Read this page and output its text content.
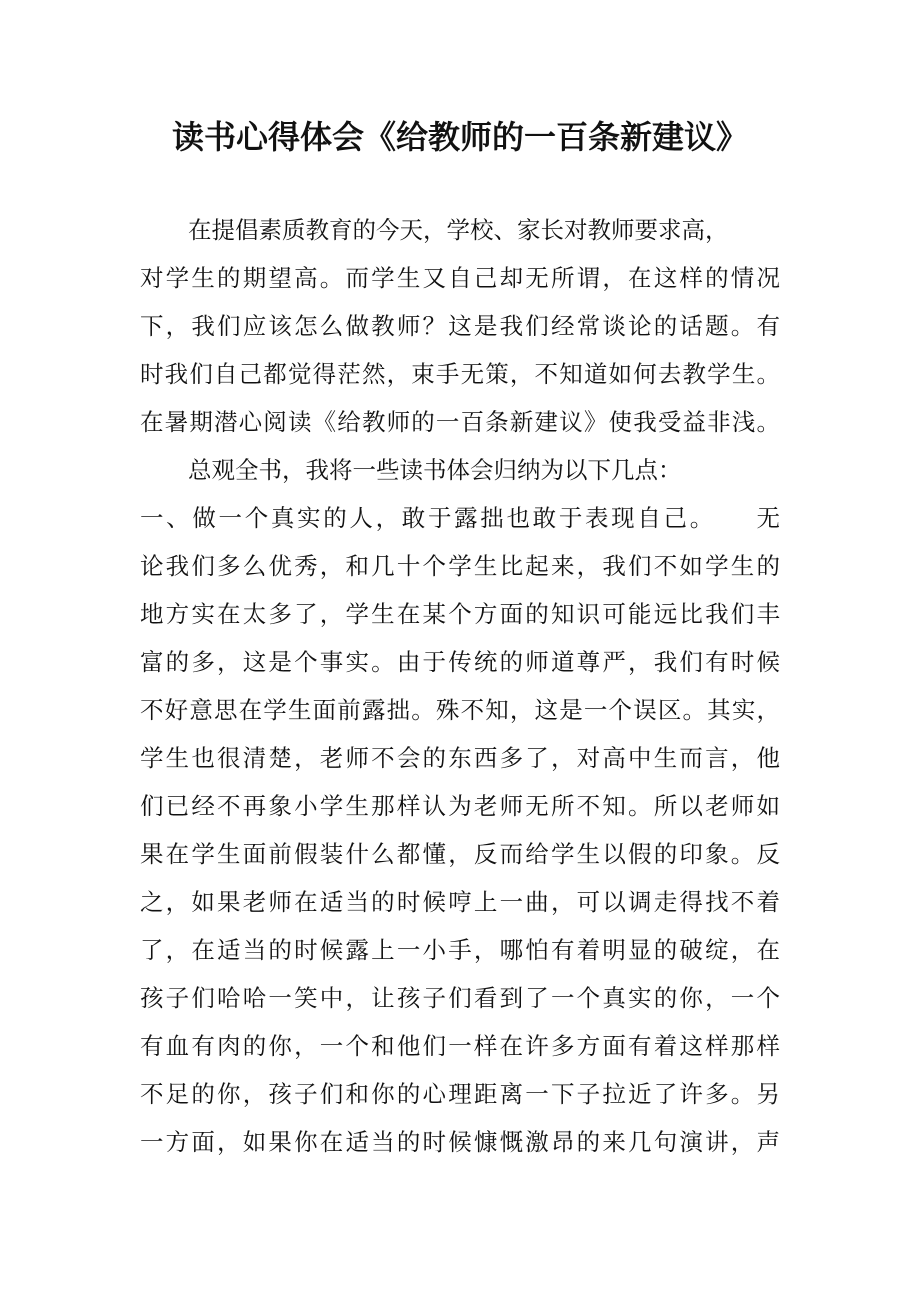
读书心得体会《给教师的一百条新建议》
在提倡素质教育的今天，学校、家长对教师要求高，
对学生的期望高。而学生又自己却无所谓，在这样的情况
下，我们应该怎么做教师？这是我们经常谈论的话题。有
时我们自己都觉得茫然，束手无策，不知道如何去教学生。
在暑期潜心阅读《给教师的一百条新建议》使我受益非浅。
总观全书，我将一些读书体会归纳为以下几点：
一、做一个真实的人，敢于露拙也敢于表现自己。　　无
论我们多么优秀，和几十个学生比起来，我们不如学生的
地方实在太多了，学生在某个方面的知识可能远比我们丰
富的多，这是个事实。由于传统的师道尊严，我们有时候
不好意思在学生面前露拙。殊不知，这是一个误区。其实，
学生也很清楚，老师不会的东西多了，对高中生而言，他
们已经不再象小学生那样认为老师无所不知。所以老师如
果在学生面前假装什么都懂，反而给学生以假的印象。反
之，如果老师在适当的时候哼上一曲，可以调走得找不着
了，在适当的时候露上一小手，哪怕有着明显的破绽，在
孩子们哈哈一笑中，让孩子们看到了一个真实的你，一个
有血有肉的你，一个和他们一样在许多方面有着这样那样
不足的你，孩子们和你的心理距离一下子拉近了许多。另
一方面，如果你在适当的时候慷慨激昂的来几句演讲，声
